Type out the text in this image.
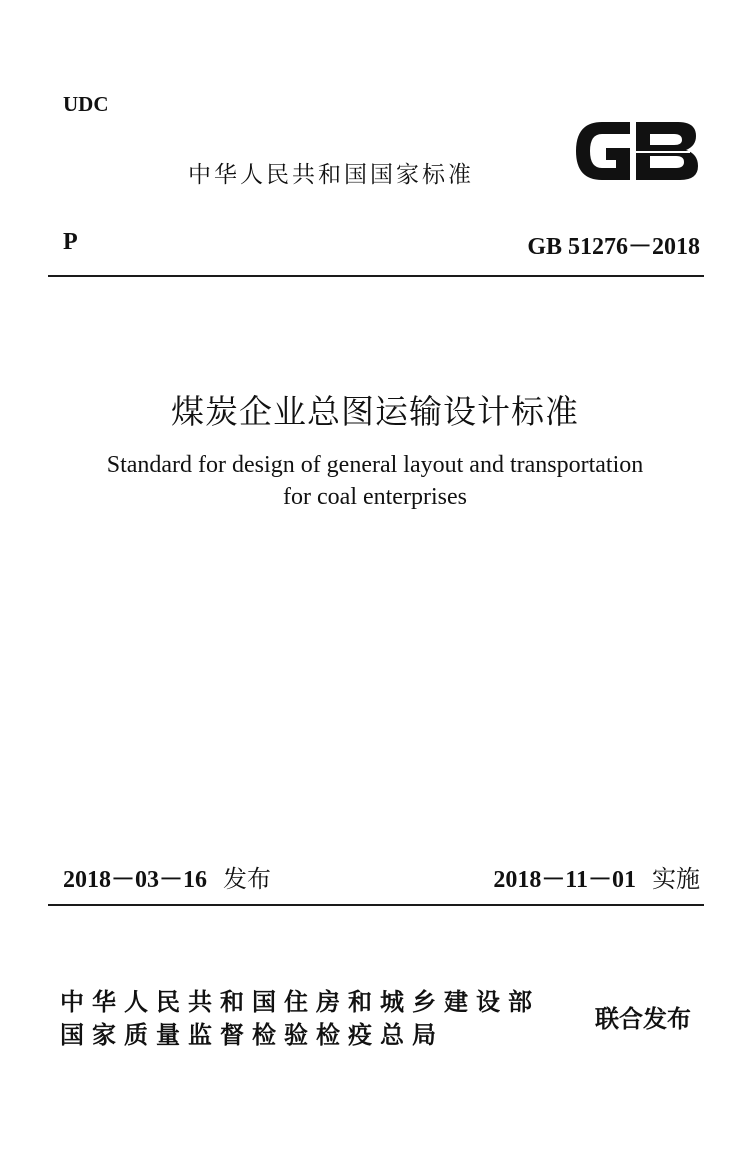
UDC
中华人民共和国国家标准
P	GB 51276－2018
煤炭企业总图运输设计标准
Standard for design of general layout and transportation
for coal enterprises
2018－03－16 发布	2018－11－01 实施
中华人民共和国住房和城乡建设部
国家质量监督检验检疫总局
联合发布
